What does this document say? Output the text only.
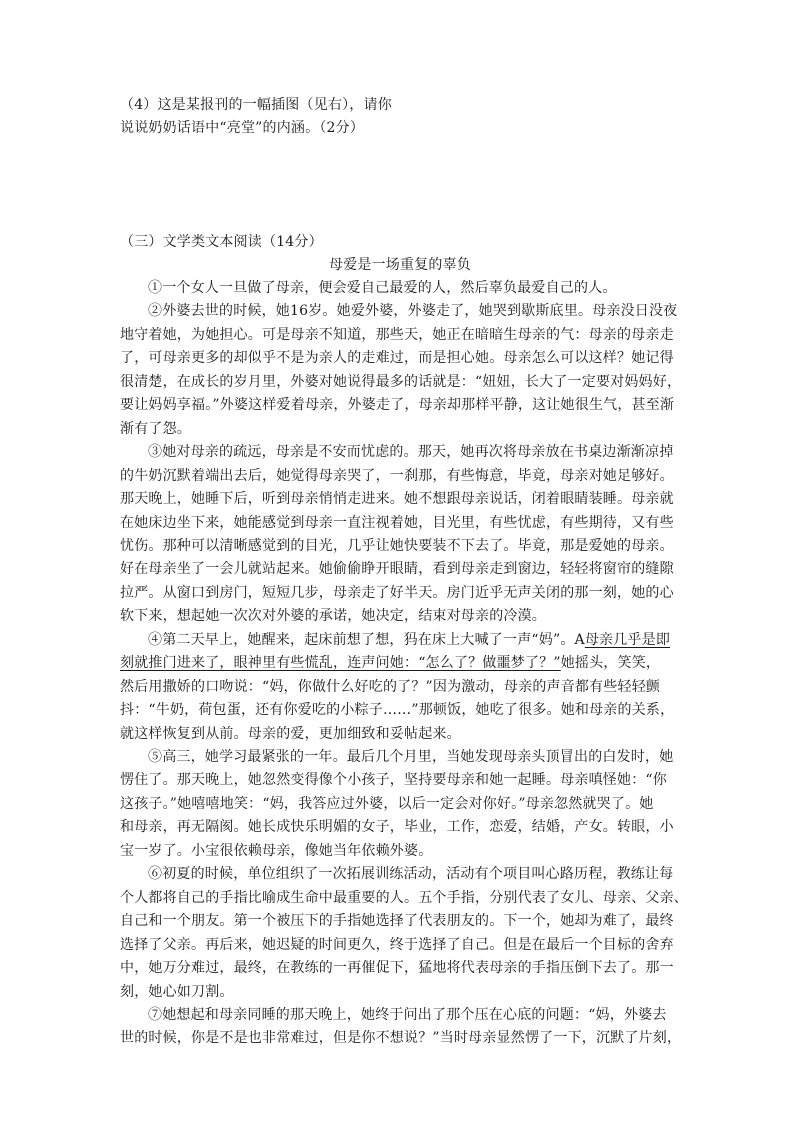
（4）这是某报刊的一幅插图（见右），请你
说说奶奶话语中“亮堂”的内涵。（2分）
（三）文学类文本阅读（14分）
母爱是一场重复的辜负
①一个女人一旦做了母亲，便会爱自己最爱的人，然后辜负最爱自己的人。
②外婆去世的时候，她16岁。她爱外婆，外婆走了，她哭到歇斯底里。母亲没日没夜
地守着她，为她担心。可是母亲不知道，那些天，她正在暗暗生母亲的气：母亲的母亲走
了，可母亲更多的却似乎不是为亲人的走难过，而是担心她。母亲怎么可以这样？她记得
很清楚，在成长的岁月里，外婆对她说得最多的话就是：“妞妞，长大了一定要对妈妈好，
要让妈妈享福。”外婆这样爱着母亲，外婆走了，母亲却那样平静，这让她很生气，甚至渐
渐有了怨。
③她对母亲的疏远，母亲是不安而忧虑的。那天，她再次将母亲放在书桌边渐渐凉掉
的牛奶沉默着端出去后，她觉得母亲哭了，一刹那，有些悔意，毕竟，母亲对她足够好。
那天晚上，她睡下后，听到母亲悄悄走进来。她不想跟母亲说话，闭着眼睛装睡。母亲就
在她床边坐下来，她能感觉到母亲一直注视着她，目光里，有些忧虑，有些期待，又有些
忧伤。那种可以清晰感觉到的目光，几乎让她快要装不下去了。毕竟，那是爱她的母亲。
好在母亲坐了一会儿就站起来。她偷偷睁开眼睛，看到母亲走到窗边，轻轻将窗帘的缝隙
拉严。从窗口到房门，短短几步，母亲走了好半天。房门近乎无声关闭的那一刻，她的心
软下来，想起她一次次对外婆的承诺，她决定，结束对母亲的冷漠。
④第二天早上，她醒来，起床前想了想，犸在床上大喊了一声“妈”。A母亲几乎是即
刻就推门进来了，眼神里有些慌乱，连声问她：“怎么了？做噩梦了？”她摇头，笑笑，
然后用撒娇的口吻说：“妈，你做什么好吃的了？”因为激动，母亲的声音都有些轻轻颤
抖：“牛奶，荷包蛋，还有你爱吃的小粽子……”那顿饭，她吃了很多。她和母亲的关系，
就这样恢复到从前。母亲的爱，更加细致和妥帖起来。
⑤高三，她学习最紧张的一年。最后几个月里，当她发现母亲头顶冒出的白发时，她
愣住了。那天晚上，她忽然变得像个小孩子，坚持要母亲和她一起睡。母亲嗔怪她：“你
这孩子。”她嘻嘻地笑：“妈，我答应过外婆，以后一定会对你好。”母亲忽然就哭了。她
和母亲，再无隔阂。她长成快乐明媚的女子，毕业，工作，恋爱，结婚，产女。转眼，小
宝一岁了。小宝很依赖母亲，像她当年依赖外婆。
⑥初夏的时候，单位组织了一次拓展训练活动，活动有个项目叫心路历程，教练让每
个人都将自己的手指比喻成生命中最重要的人。五个手指，分别代表了女儿、母亲、父亲、
自己和一个朋友。第一个被压下的手指她选择了代表朋友的。下一个，她却为难了，最终
选择了父亲。再后来，她迟疑的时间更久，终于选择了自己。但是在最后一个目标的舍弃
中，她万分难过，最终，在教练的一再催促下，猛地将代表母亲的手指压倒下去了。那一
刻，她心如刀割。
⑦她想起和母亲同睡的那天晚上，她终于问出了那个压在心底的问题：“妈，外婆去
世的时候，你是不是也非常难过，但是你不想说？”当时母亲显然愣了一下，沉默了片刻，
